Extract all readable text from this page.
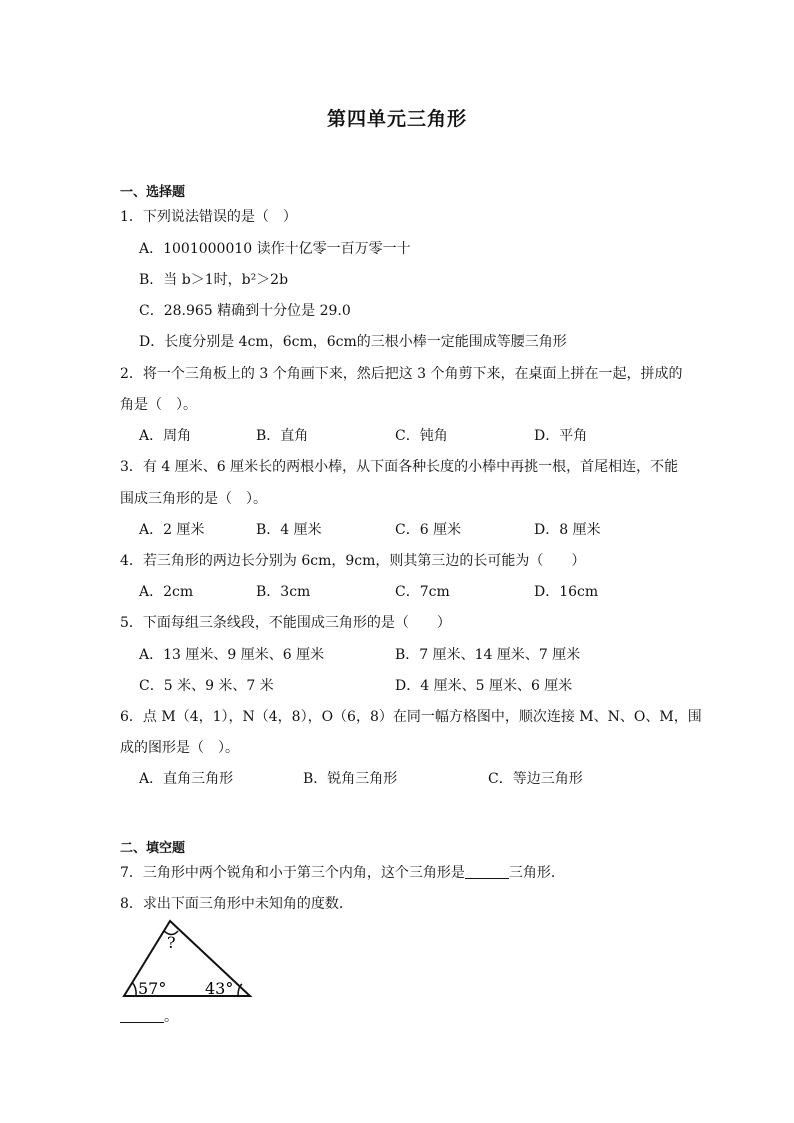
第四单元三角形
一、选择题
1．下列说法错误的是（　）
A．1001000010 读作十亿零一百万零一十
B．当 b＞1时，b²＞2b
C．28.965 精确到十分位是 29.0
D．长度分别是 4cm，6cm，6cm的三根小棒一定能围成等腰三角形
2．将一个三角板上的 3 个角画下来，然后把这 3 个角剪下来，在桌面上拼在一起，拼成的
角是（　）。
A．周角	B．直角	C．钝角	D．平角
3．有 4 厘米、6 厘米长的两根小棒，从下面各种长度的小棒中再挑一根，首尾相连，不能
围成三角形的是（　）。
A．2 厘米	B．4 厘米	C．6 厘米	D．8 厘米
4．若三角形的两边长分别为 6cm，9cm，则其第三边的长可能为（　　）
A．2cm	B．3cm	C．7cm	D．16cm
5．下面每组三条线段，不能围成三角形的是（　　）
A．13 厘米、9 厘米、6 厘米	B．7 厘米、14 厘米、7 厘米
C．5 米、9 米、7 米	D．4 厘米、5 厘米、6 厘米
6．点 M（4，1），N（4，8），O（6，8）在同一幅方格图中，顺次连接 M、N、O、M，围
成的图形是（　）。
A．直角三角形	B．锐角三角形	C．等边三角形
二、填空题
7．三角形中两个锐角和小于第三个内角，这个三角形是	三角形．
8．求出下面三角形中未知角的度数．
?
57° 43°
。
